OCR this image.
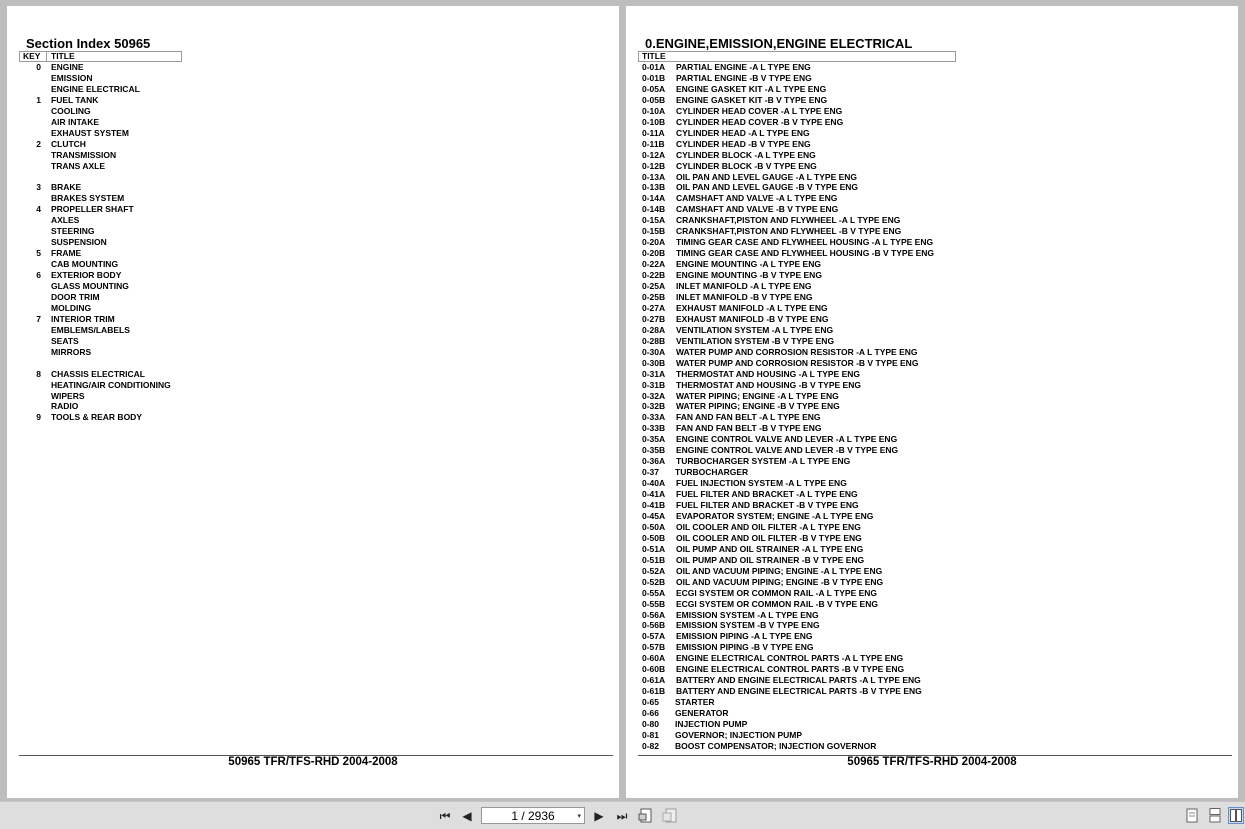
Section Index 50965
KEY TITLE
0 ENGINE
EMISSION
ENGINE ELECTRICAL
1 FUEL TANK
COOLING
AIR INTAKE
EXHAUST SYSTEM
2 CLUTCH
TRANSMISSION
TRANS AXLE
3 BRAKE
BRAKES SYSTEM
4 PROPELLER SHAFT
AXLES
STEERING
SUSPENSION
5 FRAME
CAB MOUNTING
6 EXTERIOR BODY
GLASS MOUNTING
DOOR TRIM
MOLDING
7 INTERIOR TRIM
EMBLEMS/LABELS
SEATS
MIRRORS
8 CHASSIS ELECTRICAL
HEATING/AIR CONDITIONING
WIPERS
RADIO
9 TOOLS & REAR BODY
50965 TFR/TFS-RHD 2004-2008
0.ENGINE,EMISSION,ENGINE ELECTRICAL
TITLE
0-01A PARTIAL ENGINE -A L TYPE ENG
0-01B PARTIAL ENGINE -B V TYPE ENG
0-05A ENGINE GASKET KIT -A L TYPE ENG
0-05B ENGINE GASKET KIT -B V TYPE ENG
0-10A CYLINDER HEAD COVER -A L TYPE ENG
0-10B CYLINDER HEAD COVER -B V TYPE ENG
0-11A CYLINDER HEAD -A L TYPE ENG
0-11B CYLINDER HEAD -B V TYPE ENG
0-12A CYLINDER BLOCK -A L TYPE ENG
0-12B CYLINDER BLOCK -B V TYPE ENG
0-13A OIL PAN AND LEVEL GAUGE -A L TYPE ENG
0-13B OIL PAN AND LEVEL GAUGE -B V TYPE ENG
0-14A CAMSHAFT AND VALVE -A L TYPE ENG
0-14B CAMSHAFT AND VALVE -B V TYPE ENG
0-15A CRANKSHAFT,PISTON AND FLYWHEEL -A L TYPE ENG
0-15B CRANKSHAFT,PISTON AND FLYWHEEL -B V TYPE ENG
0-20A TIMING GEAR CASE AND FLYWHEEL HOUSING -A L TYPE ENG
0-20B TIMING GEAR CASE AND FLYWHEEL HOUSING -B V TYPE ENG
0-22A ENGINE MOUNTING -A L TYPE ENG
0-22B ENGINE MOUNTING -B V TYPE ENG
0-25A INLET MANIFOLD -A L TYPE ENG
0-25B INLET MANIFOLD -B V TYPE ENG
0-27A EXHAUST MANIFOLD -A L TYPE ENG
0-27B EXHAUST MANIFOLD -B V TYPE ENG
0-28A VENTILATION SYSTEM -A L TYPE ENG
0-28B VENTILATION SYSTEM -B V TYPE ENG
0-30A WATER PUMP AND CORROSION RESISTOR -A L TYPE ENG
0-30B WATER PUMP AND CORROSION RESISTOR -B V TYPE ENG
0-31A THERMOSTAT AND HOUSING -A L TYPE ENG
0-31B THERMOSTAT AND HOUSING -B V TYPE ENG
0-32A WATER PIPING; ENGINE -A L TYPE ENG
0-32B WATER PIPING; ENGINE -B V TYPE ENG
0-33A FAN AND FAN BELT -A L TYPE ENG
0-33B FAN AND FAN BELT -B V TYPE ENG
0-35A ENGINE CONTROL VALVE AND LEVER -A L TYPE ENG
0-35B ENGINE CONTROL VALVE AND LEVER -B V TYPE ENG
0-36A TURBOCHARGER SYSTEM -A L TYPE ENG
0-37 TURBOCHARGER
0-40A FUEL INJECTION SYSTEM -A L TYPE ENG
0-41A FUEL FILTER AND BRACKET -A L TYPE ENG
0-41B FUEL FILTER AND BRACKET -B V TYPE ENG
0-45A EVAPORATOR SYSTEM; ENGINE -A L TYPE ENG
0-50A OIL COOLER AND OIL FILTER -A L TYPE ENG
0-50B OIL COOLER AND OIL FILTER -B V TYPE ENG
0-51A OIL PUMP AND OIL STRAINER -A L TYPE ENG
0-51B OIL PUMP AND OIL STRAINER -B V TYPE ENG
0-52A OIL AND VACUUM PIPING; ENGINE -A L TYPE ENG
0-52B OIL AND VACUUM PIPING; ENGINE -B V TYPE ENG
0-55A ECGI SYSTEM OR COMMON RAIL -A L TYPE ENG
0-55B ECGI SYSTEM OR COMMON RAIL -B V TYPE ENG
0-56A EMISSION SYSTEM -A L TYPE ENG
0-56B EMISSION SYSTEM -B V TYPE ENG
0-57A EMISSION PIPING -A L TYPE ENG
0-57B EMISSION PIPING -B V TYPE ENG
0-60A ENGINE ELECTRICAL CONTROL PARTS -A L TYPE ENG
0-60B ENGINE ELECTRICAL CONTROL PARTS -B V TYPE ENG
0-61A BATTERY AND ENGINE ELECTRICAL PARTS -A L TYPE ENG
0-61B BATTERY AND ENGINE ELECTRICAL PARTS -B V TYPE ENG
0-65 STARTER
0-66 GENERATOR
0-80 INJECTION PUMP
0-81 GOVERNOR; INJECTION PUMP
0-82 BOOST COMPENSATOR; INJECTION GOVERNOR
50965 TFR/TFS-RHD 2004-2008
⏮ ◀	1 / 2936	▾	▶	⏭
